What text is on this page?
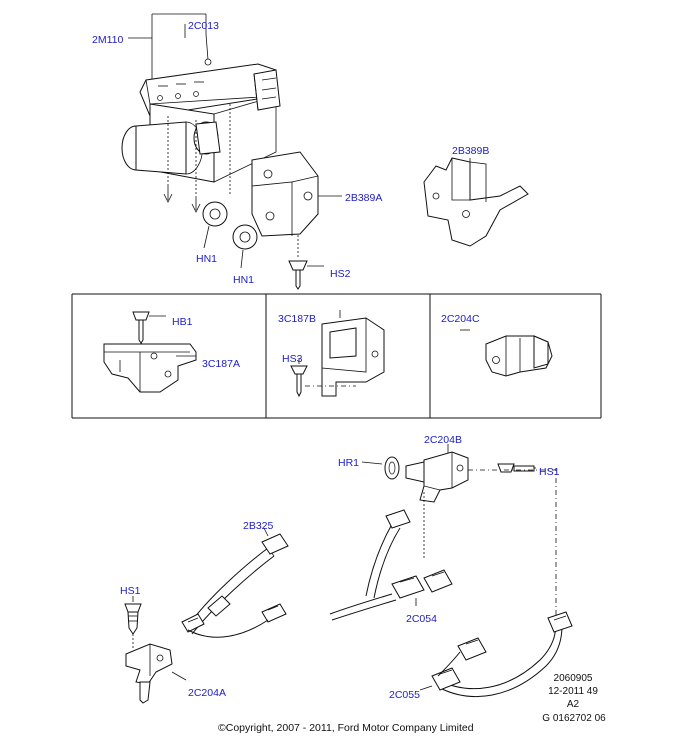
2M110
2C013
2B389A
2B389B
HN1
HN1	HS2
HB1
3C187A
3C187B
HS3
2C204C
2C204B
HR1
HS1
2B325
HS1
2C054
2C204A	2C055
2060905
12-2011 49
A2
G 0162702 06
©Copyright, 2007 - 2011, Ford Motor Company Limited
